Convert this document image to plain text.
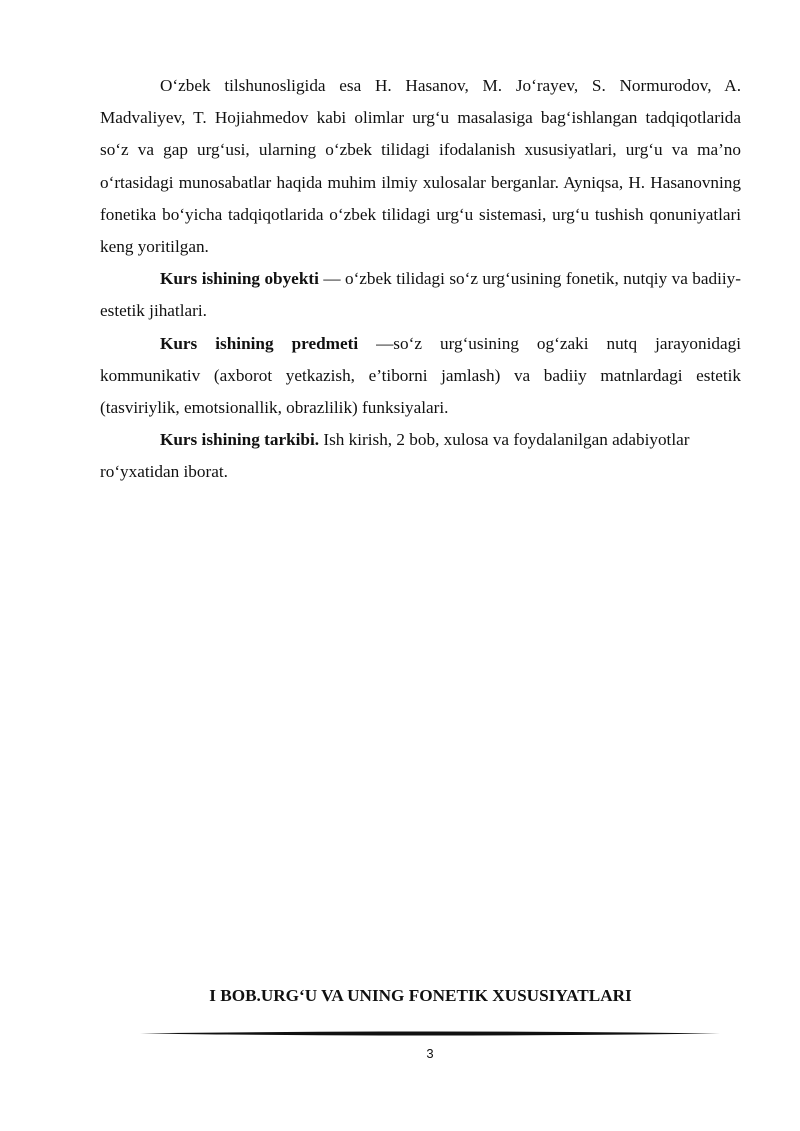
O‘zbek tilshunosligida esa H. Hasanov, M. Jo‘rayev, S. Normurodov, A. Madvaliyev, T. Hojiahmedov kabi olimlar urg‘u masalasiga bag‘ishlangan tadqiqotlarida so‘z va gap urg‘usi, ularning o‘zbek tilidagi ifodalanish xususiyatlari, urg‘u va ma’no o‘rtasidagi munosabatlar haqida muhim ilmiy xulosalar berganlar. Ayniqsa, H. Hasanovning fonetika bo‘yicha tadqiqotlarida o‘zbek tilidagi urg‘u sistemasi, urg‘u tushish qonuniyatlari keng yoritilgan.

Kurs ishining obyekti — o‘zbek tilidagi so‘z urg‘usining fonetik, nutqiy va badiiy-estetik jihatlari.

Kurs ishining predmeti —so‘z urg‘usining og‘zaki nutq jarayonidagi kommunikativ (axborot yetkazish, e’tiborni jamlash) va badiiy matnlardagi estetik (tasviriylik, emotsionallik, obrazlilik) funksiyalari.

Kurs ishining tarkibi. Ish kirish, 2 bob, xulosa va foydalanilgan adabiyotlar ro‘yxatidan iborat.

I BOB.URG‘U VA UNING FONETIK XUSUSIYATLARI
3
